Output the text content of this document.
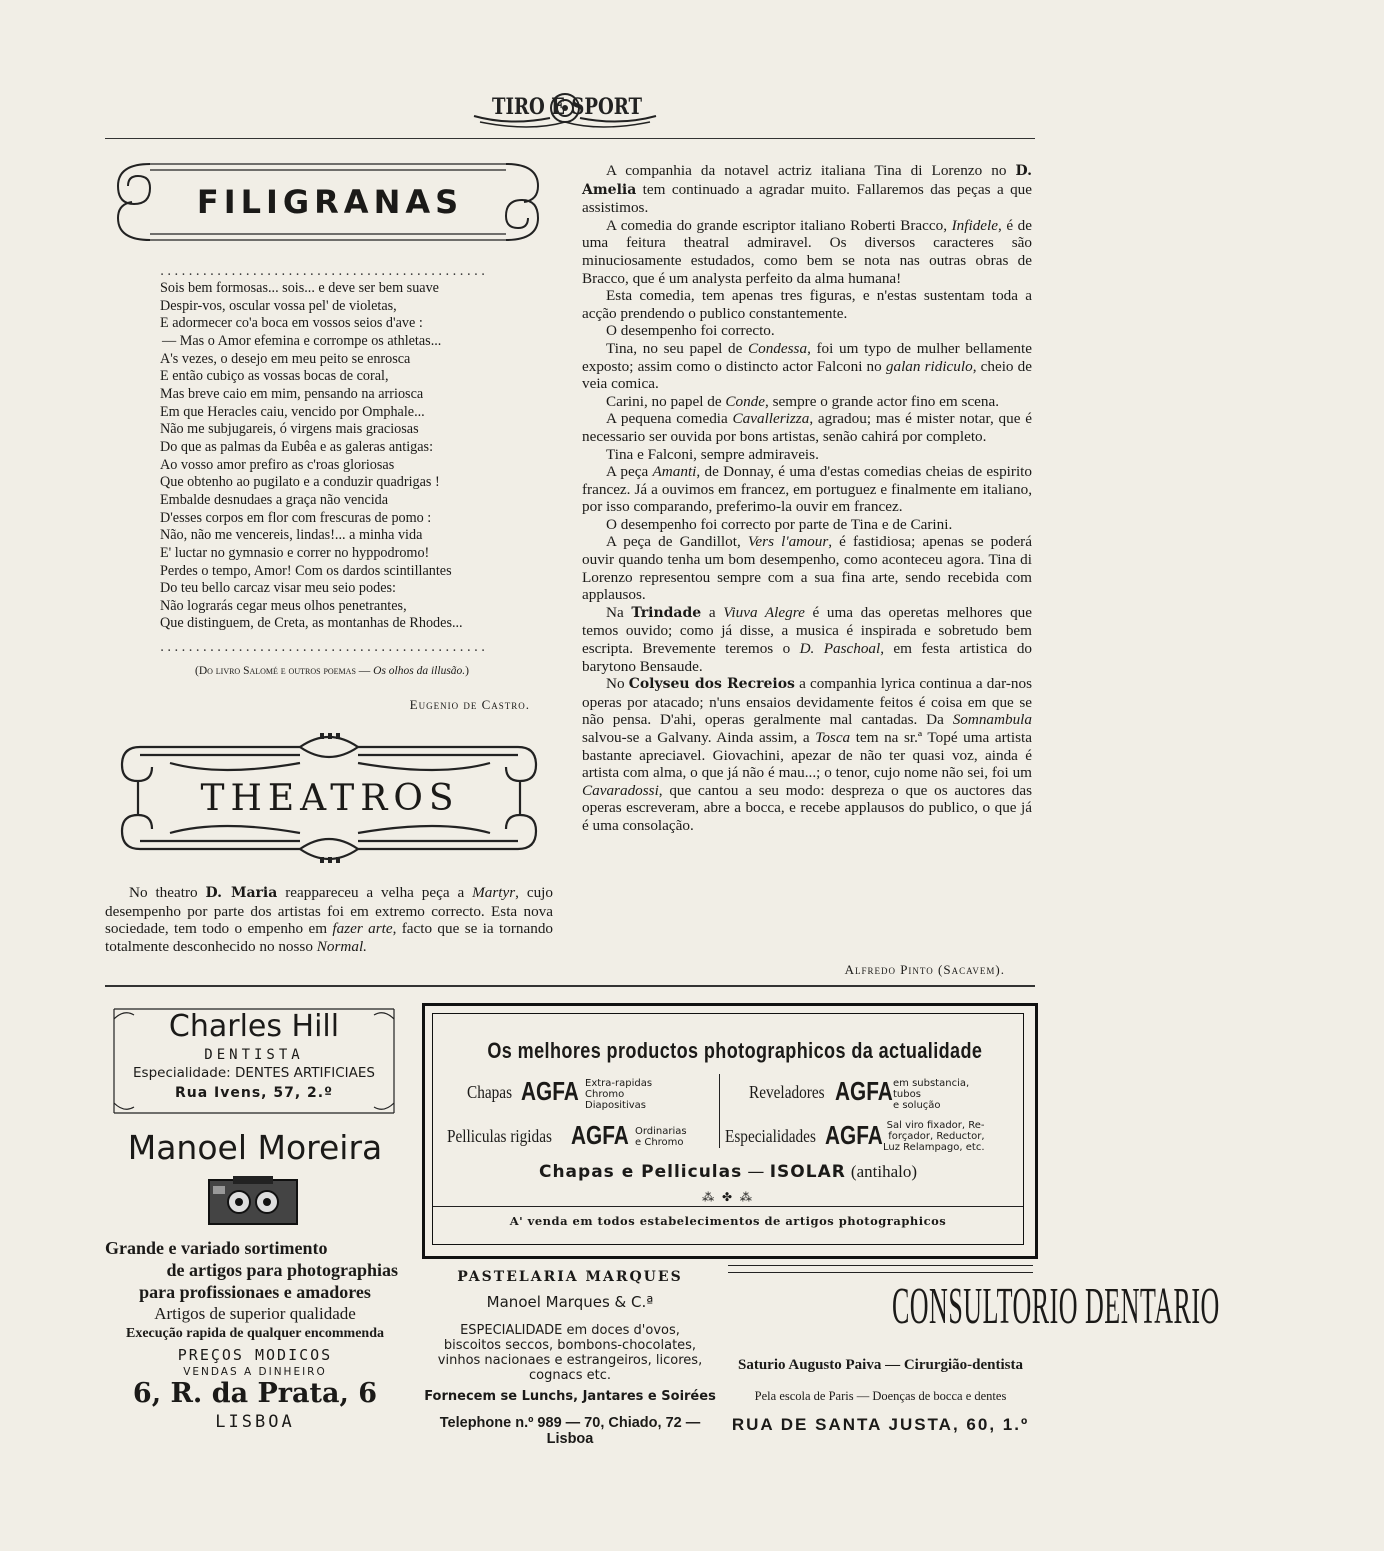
TIRO E SPORT
FILIGRANAS
..............................................
Sois bem formosas... sois... e deve ser bem suave
Despir-vos, oscular vossa pel' de violetas,
E adormecer co'a boca em vossos seios d'ave :
— Mas o Amor efemina e corrompe os athletas...
A's vezes, o desejo em meu peito se enrosca
E então cubiço as vossas bocas de coral,
Mas breve caio em mim, pensando na arriosca
Em que Heracles caiu, vencido por Omphale...
Não me subjugareis, ó virgens mais graciosas
Do que as palmas da Eubêa e as galeras antigas:
Ao vosso amor prefiro as c'roas gloriosas
Que obtenho ao pugilato e a conduzir quadrigas !
Embalde desnudaes a graça não vencida
D'esses corpos em flor com frescuras de pomo :
Não, não me vencereis, lindas!... a minha vida
E' luctar no gymnasio e correr no hyppodromo!
Perdes o tempo, Amor! Com os dardos scintillantes
Do teu bello carcaz visar meu seio podes:
Não lograrás cegar meus olhos penetrantes,
Que distinguem, de Creta, as montanhas de Rhodes...
..............................................
(Do livro Salomé e outros poemas — Os olhos da illusão.)
Eugenio de Castro.
THEATROS

No theatro D. Maria reappareceu a velha peça a Martyr, cujo desempenho por parte dos artistas foi em extremo correcto. Esta nova sociedade, tem todo o empenho em fazer arte, facto que se ia tornando totalmente desconhecido no nosso Normal.

A companhia da notavel actriz italiana Tina di Lorenzo no D. Amelia tem continuado a agradar muito. Fallaremos das peças a que assistimos.

A comedia do grande escriptor italiano Roberti Bracco, Infidele, é de uma feitura theatral admiravel. Os diversos caracteres são minuciosamente estudados, como bem se nota nas outras obras de Bracco, que é um analysta perfeito da alma humana!

Esta comedia, tem apenas tres figuras, e n'estas sustentam toda a acção prendendo o publico constantemente.

O desempenho foi correcto.

Tina, no seu papel de Condessa, foi um typo de mulher bellamente exposto; assim como o distincto actor Falconi no galan ridiculo, cheio de veia comica.

Carini, no papel de Conde, sempre o grande actor fino em scena.

A pequena comedia Cavallerizza, agradou; mas é mister notar, que é necessario ser ouvida por bons artistas, senão cahirá por completo.

Tina e Falconi, sempre admiraveis.

A peça Amanti, de Donnay, é uma d'estas comedias cheias de espirito francez. Já a ouvimos em francez, em portuguez e finalmente em italiano, por isso comparando, preferimo-la ouvir em francez.

O desempenho foi correcto por parte de Tina e de Carini.

A peça de Gandillot, Vers l'amour, é fastidiosa; apenas se poderá ouvir quando tenha um bom desempenho, como aconteceu agora. Tina di Lorenzo representou sempre com a sua fina arte, sendo recebida com applausos.

Na Trindade a Viuva Alegre é uma das operetas melhores que temos ouvido; como já disse, a musica é inspirada e sobretudo bem escripta. Brevemente teremos o D. Paschoal, em festa artistica do barytono Bensaude.

No Colyseu dos Recreios a companhia lyrica continua a dar-nos operas por atacado; n'uns ensaios devidamente feitos é coisa em que se não pensa. D'ahi, operas geralmente mal cantadas. Da Somnambula salvou-se a Galvany. Ainda assim, a Tosca tem na sr.ª Topé uma artista bastante apreciavel. Giovachini, apezar de não ter quasi voz, ainda é artista com alma, o que já não é mau...; o tenor, cujo nome não sei, foi um Cavaradossi, que cantou a seu modo: despreza o que os auctores das operas escreveram, abre a bocca, e recebe applausos do publico, o que já é uma consolação.

Alfredo Pinto (Sacavem).
Charles Hill
DENTISTA
Especialidade: DENTES ARTIFICIAES
Rua Ivens, 57, 2.º
Manoel Moreira
Grande e variado sortimento
de artigos para photographias
para profissionaes e amadores
Artigos de superior qualidade
Execução rapida de qualquer encommenda
PREÇOS MODICOS
VENDAS A DINHEIRO
6, R. da Prata, 6
LISBOA
Os melhores productos photographicos da actualidade
Chapas AGFA Extra-rapidas
Chromo
Diapositivas
Reveladores AGFA em substancia,
tubos
e solução
Pelliculas rigidas AGFA Ordinarias
e Chromo Especialidades AGFA Sal viro fixador, Re-
forçador, Reductor,
Luz Relampago, etc.
Chapas e Pelliculas — ISOLAR (antihalo)
⁂ ✤ ⁂
A' venda em todos estabelecimentos de artigos photographicos
PASTELARIA MARQUES
Manoel Marques & C.ª
ESPECIALIDADE em doces d'ovos,
biscoitos seccos, bombons-chocolates,
vinhos nacionaes e estrangeiros, licores,
cognacs etc.
Fornecem se Lunchs, Jantares e Soirées
Telephone n.º 989 — 70, Chiado, 72 — Lisboa
CONSULTORIO DENTARIO
Saturio Augusto Paiva — Cirurgião-dentista
Pela escola de Paris — Doenças de bocca e dentes
RUA DE SANTA JUSTA, 60, 1.º
